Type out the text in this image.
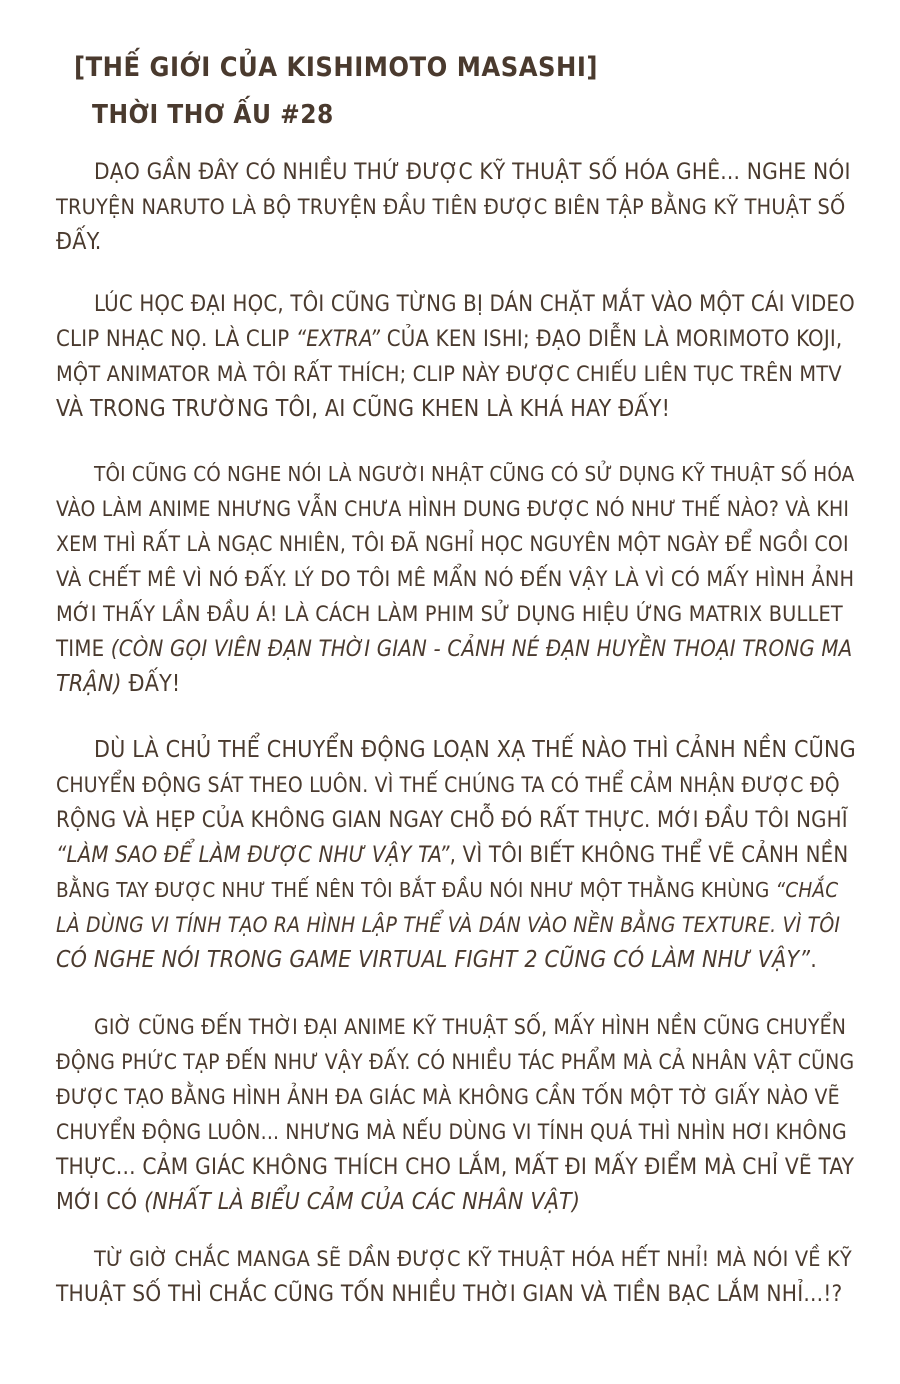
[THẾ GIỚI CỦA KISHIMOTO MASASHI]
THỜI THƠ ẤU #28
DẠO GẦN ĐÂY CÓ NHIỀU THỨ ĐƯỢC KỸ THUẬT SỐ HÓA GHÊ... NGHE NÓI
TRUYỆN NARUTO LÀ BỘ TRUYỆN ĐẦU TIÊN ĐƯỢC BIÊN TẬP BẰNG KỸ THUẬT SỐ
ĐẤY.
LÚC HỌC ĐẠI HỌC, TÔI CŨNG TỪNG BỊ DÁN CHẶT MẮT VÀO MỘT CÁI VIDEO
CLIP NHẠC NỌ. LÀ CLIP “EXTRA” CỦA KEN ISHI; ĐẠO DIỄN LÀ MORIMOTO KOJI,
MỘT ANIMATOR MÀ TÔI RẤT THÍCH; CLIP NÀY ĐƯỢC CHIẾU LIÊN TỤC TRÊN MTV
VÀ TRONG TRƯỜNG TÔI, AI CŨNG KHEN LÀ KHÁ HAY ĐẤY!
TÔI CŨNG CÓ NGHE NÓI LÀ NGƯỜI NHẬT CŨNG CÓ SỬ DỤNG KỸ THUẬT SỐ HÓA
VÀO LÀM ANIME NHƯNG VẪN CHƯA HÌNH DUNG ĐƯỢC NÓ NHƯ THẾ NÀO? VÀ KHI
XEM THÌ RẤT LÀ NGẠC NHIÊN, TÔI ĐÃ NGHỈ HỌC NGUYÊN MỘT NGÀY ĐỂ NGỒI COI
VÀ CHẾT MÊ VÌ NÓ ĐẤY. LÝ DO TÔI MÊ MẨN NÓ ĐẾN VẬY LÀ VÌ CÓ MẤY HÌNH ẢNH
MỚI THẤY LẦN ĐẦU Á! LÀ CÁCH LÀM PHIM SỬ DỤNG HIỆU ỨNG MATRIX BULLET
TIME (CÒN GỌI VIÊN ĐẠN THỜI GIAN - CẢNH NÉ ĐẠN HUYỀN THOẠI TRONG MA
TRẬN) ĐẤY!
DÙ LÀ CHỦ THỂ CHUYỂN ĐỘNG LOẠN XẠ THẾ NÀO THÌ CẢNH NỀN CŨNG
CHUYỂN ĐỘNG SÁT THEO LUÔN. VÌ THẾ CHÚNG TA CÓ THỂ CẢM NHẬN ĐƯỢC ĐỘ
RỘNG VÀ HẸP CỦA KHÔNG GIAN NGAY CHỖ ĐÓ RẤT THỰC. MỚI ĐẦU TÔI NGHĨ
“LÀM SAO ĐỂ LÀM ĐƯỢC NHƯ VẬY TA”, VÌ TÔI BIẾT KHÔNG THỂ VẼ CẢNH NỀN
BẰNG TAY ĐƯỢC NHƯ THẾ NÊN TÔI BẮT ĐẦU NÓI NHƯ MỘT THẰNG KHÙNG “CHẮC
LÀ DÙNG VI TÍNH TẠO RA HÌNH LẬP THỂ VÀ DÁN VÀO NỀN BẰNG TEXTURE. VÌ TÔI
CÓ NGHE NÓI TRONG GAME VIRTUAL FIGHT 2 CŨNG CÓ LÀM NHƯ VẬY”.
GIỜ CŨNG ĐẾN THỜI ĐẠI ANIME KỸ THUẬT SỐ, MẤY HÌNH NỀN CŨNG CHUYỂN
ĐỘNG PHỨC TẠP ĐẾN NHƯ VẬY ĐẤY. CÓ NHIỀU TÁC PHẨM MÀ CẢ NHÂN VẬT CŨNG
ĐƯỢC TẠO BẰNG HÌNH ẢNH ĐA GIÁC MÀ KHÔNG CẦN TỐN MỘT TỜ GIẤY NÀO VẼ
CHUYỂN ĐỘNG LUÔN... NHƯNG MÀ NẾU DÙNG VI TÍNH QUÁ THÌ NHÌN HƠI KHÔNG
THỰC... CẢM GIÁC KHÔNG THÍCH CHO LẮM, MẤT ĐI MẤY ĐIỂM MÀ CHỈ VẼ TAY
MỚI CÓ (NHẤT LÀ BIỂU CẢM CỦA CÁC NHÂN VẬT)
TỪ GIỜ CHẮC MANGA SẼ DẦN ĐƯỢC KỸ THUẬT HÓA HẾT NHỈ! MÀ NÓI VỀ KỸ
THUẬT SỐ THÌ CHẮC CŨNG TỐN NHIỀU THỜI GIAN VÀ TIỀN BẠC LẮM NHỈ...!?
